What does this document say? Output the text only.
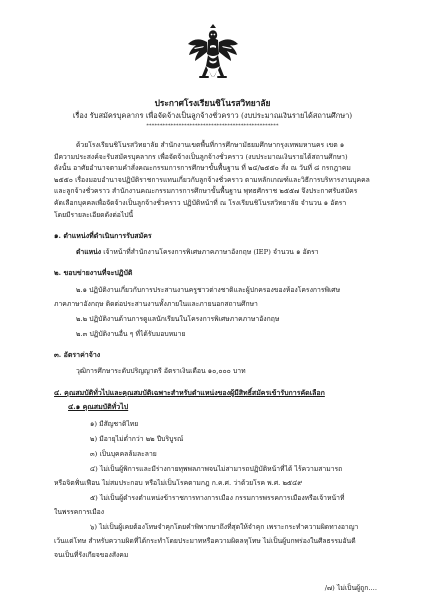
ประกาศโรงเรียนชิโนรสวิทยาลัย
เรื่อง รับสมัครบุคลากร เพื่อจัดจ้างเป็นลูกจ้างชั่วคราว (งบประมาณเงินรายได้สถานศึกษา)
*************************************************

ด้วยโรงเรียนชิโนรสวิทยาลัย สำนักงานเขตพื้นที่การศึกษามัธยมศึกษากรุงเทพมหานคร เขต ๑

มีความประสงค์จะรับสมัครบุคลากร เพื่อจัดจ้างเป็นลูกจ้างชั่วคราว (งบประมาณเงินรายได้สถานศึกษา)

ดังนั้น อาศัยอำนาจตามคำสั่งคณะกรรมการการศึกษาขั้นพื้นฐาน ที่ ๒๔/๒๕๕๐ สั่ง ณ วันที่ ๘ กรกฎาคม

๒๕๕๐ เรื่องมอบอำนาจปฏิบัติราชการแทนเกี่ยวกับลูกจ้างชั่วคราว ตามหลักเกณฑ์และวิธีการบริหารงานบุคคล

และลูกจ้างชั่วคราว สำนักงานคณะกรรมการการศึกษาขั้นพื้นฐาน พุทธศักราช ๒๕๕๗ จึงประกาศรับสมัคร

คัดเลือกบุคคลเพื่อจัดจ้างเป็นลูกจ้างชั่วคราว ปฏิบัติหน้าที่ ณ โรงเรียนชิโนรสวิทยาลัย จำนวน ๑ อัตรา

โดยมีรายละเอียดดังต่อไปนี้

๑. ตำแหน่งที่ดำเนินการรับสมัคร
ตำแหน่ง เจ้าหน้าที่สำนักงานโครงการพิเศษภาคภาษาอังกฤษ (IEP) จำนวน ๑ อัตรา
๒. ขอบข่ายงานที่จะปฏิบัติ
๒.๑ ปฏิบัติงานเกี่ยวกับการประสานงานครูชาวต่างชาติและผู้ปกครองของห้องโครงการพิเศษ
ภาคภาษาอังกฤษ ติดต่อประสานงานทั้งภายในและภายนอกสถานศึกษา
๒.๒ ปฏิบัติงานด้านการดูแลนักเรียนในโครงการพิเศษภาคภาษาอังกฤษ
๒.๓ ปฏิบัติงานอื่น ๆ ที่ได้รับมอบหมาย
๓. อัตราค่าจ้าง
วุฒิการศึกษาระดับปริญญาตรี อัตราเงินเดือน ๑๐,๐๐๐ บาท
๔. คุณสมบัติทั่วไปและคุณสมบัติเฉพาะสำหรับตำแหน่งของผู้มีสิทธิ์สมัครเข้ารับการคัดเลือก
๔.๑ คุณสมบัติทั่วไป
๑) มีสัญชาติไทย
๒) มีอายุไม่ต่ำกว่า ๒๒ ปีบริบูรณ์
๓) เป็นบุคคลล้มละลาย
๔) ไม่เป็นผู้พิการและมีร่างกายทุพพลภาพจนไม่สามารถปฏิบัติหน้าที่ได้ ไร้ความสามารถ
หรือจิตฟั่นเฟือน ไม่สมประกอบ หรือไม่เป็นโรคตามกฎ ก.ค.ศ. ว่าด้วยโรค พ.ศ. ๒๕๔๙
๕) ไม่เป็นผู้ดำรงตำแหน่งข้าราชการทางการเมือง กรรมการพรรคการเมืองหรือเจ้าหน้าที่
ในพรรคการเมือง
๖) ไม่เป็นผู้เคยต้องโทษจำคุกโดยคำพิพากษาถึงที่สุดให้จำคุก เพราะกระทำความผิดทางอาญา
เว้นแต่โทษ สำหรับความผิดที่ได้กระทำโดยประมาทหรือความผิดลหุโทษ ไม่เป็นผู้บกพร่องในศีลธรรมอันดี
จนเป็นที่รังเกียจของสังคม
/๗) ไม่เป็นผู้ถูก....
